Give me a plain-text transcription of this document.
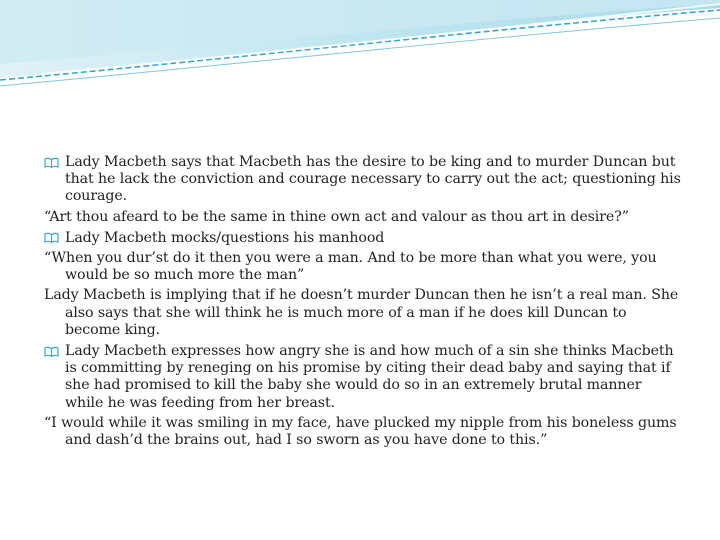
Lady Macbeth says that Macbeth has the desire to be king and to murder Duncan but that he lack the conviction and courage necessary to carry out the act; questioning his courage.

“Art thou afeard to be the same in thine own act and valour as thou art in desire?”

Lady Macbeth mocks/questions his manhood

“When you dur’st do it then you were a man. And to be more than what you were, you would be so much more the man”

Lady Macbeth is implying that if he doesn’t murder Duncan then he isn’t a real man. She also says that she will think he is much more of a man if he does kill Duncan to become king.

Lady Macbeth expresses how angry she is and how much of a sin she thinks Macbeth is committing by reneging on his promise by citing their dead baby and saying that if she had promised to kill the baby she would do so in an extremely brutal manner while he was feeding from her breast.

“I would while it was smiling in my face, have plucked my nipple from his boneless gums and dash’d the brains out, had I so sworn as you have done to this.”
